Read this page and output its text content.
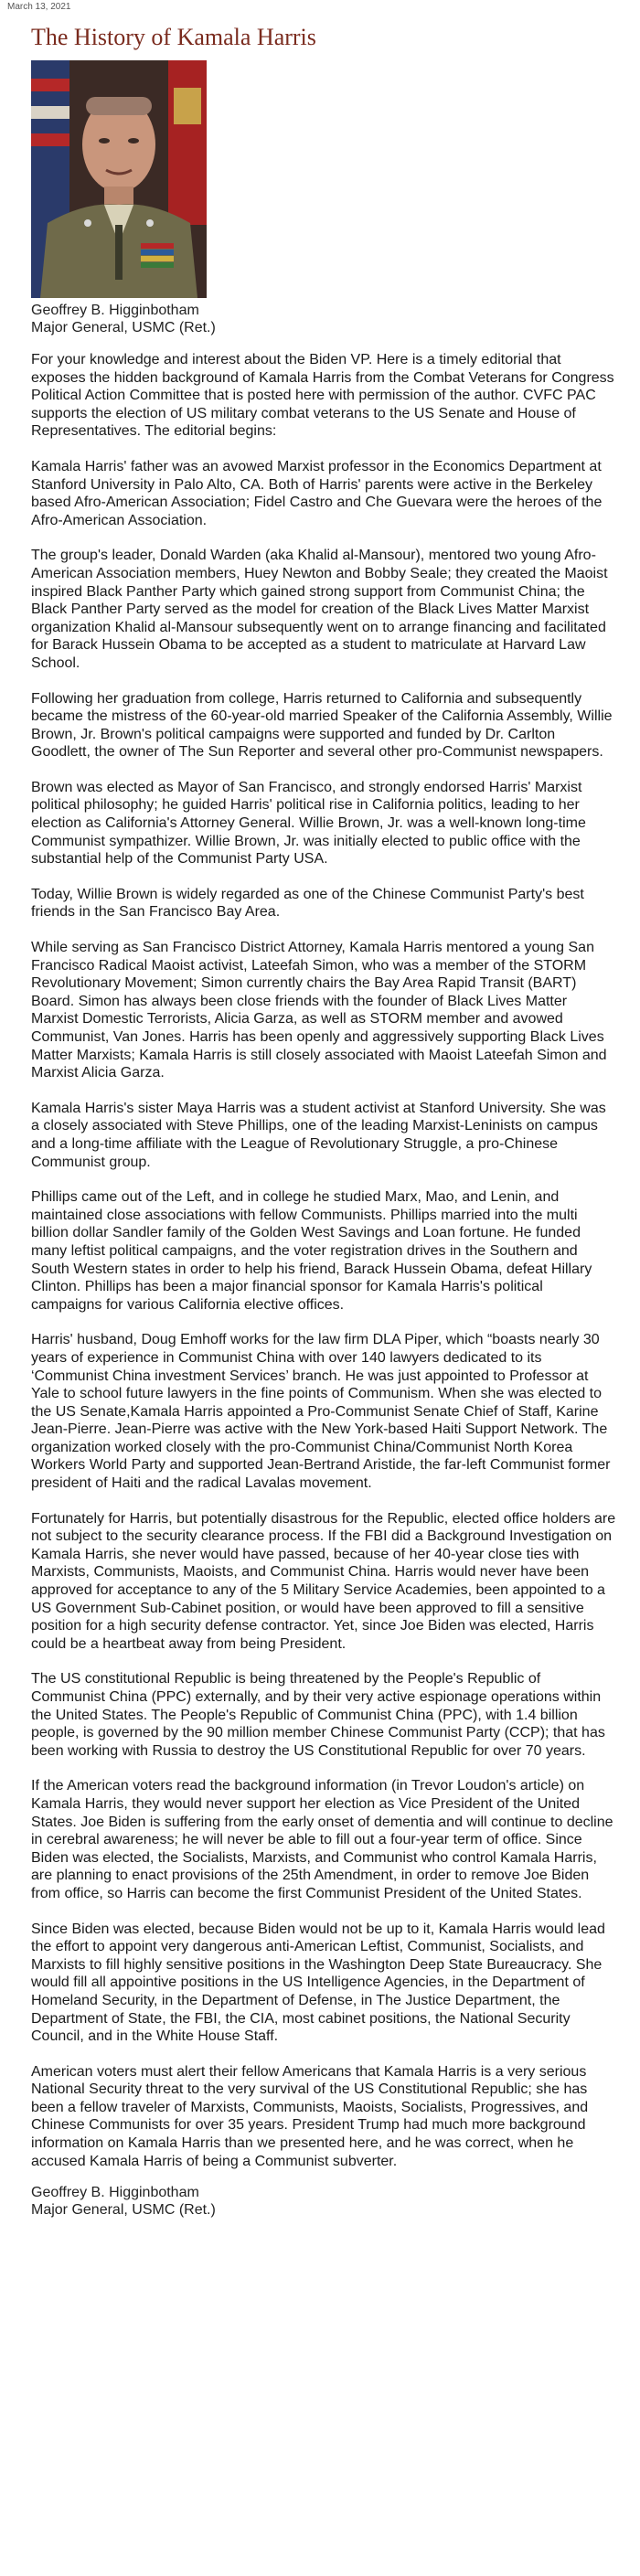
March 13, 2021
The History of Kamala Harris
Geoffrey B. Higginbotham
Major General, USMC (Ret.)

For your knowledge and interest about the Biden VP. Here is a timely editorial that exposes the hidden background of Kamala Harris from the Combat Veterans for Congress Political Action Committee that is posted here with permission of the author. CVFC PAC supports the election of US military combat veterans to the US Senate and House of Representatives. The editorial begins:

Kamala Harris' father was an avowed Marxist professor in the Economics Department at Stanford University in Palo Alto, CA. Both of Harris' parents were active in the Berkeley based Afro-American Association; Fidel Castro and Che Guevara were the heroes of the Afro-American Association.

The group's leader, Donald Warden (aka Khalid al-Mansour), mentored two young Afro-American Association members, Huey Newton and Bobby Seale; they created the Maoist inspired Black Panther Party which gained strong support from Communist China; the Black Panther Party served as the model for creation of the Black Lives Matter Marxist organization Khalid al-Mansour subsequently went on to arrange financing and facilitated for Barack Hussein Obama to be accepted as a student to matriculate at Harvard Law School.

Following her graduation from college, Harris returned to California and subsequently became the mistress of the 60-year-old married Speaker of the California Assembly, Willie Brown, Jr. Brown's political campaigns were supported and funded by Dr. Carlton Goodlett, the owner of The Sun Reporter and several other pro-Communist newspapers.

Brown was elected as Mayor of San Francisco, and strongly endorsed Harris' Marxist political philosophy; he guided Harris' political rise in California politics, leading to her election as California's Attorney General. Willie Brown, Jr. was a well-known long-time Communist sympathizer. Willie Brown, Jr. was initially elected to public office with the substantial help of the Communist Party USA.

Today, Willie Brown is widely regarded as one of the Chinese Communist Party's best friends in the San Francisco Bay Area.

While serving as San Francisco District Attorney, Kamala Harris mentored a young San Francisco Radical Maoist activist, Lateefah Simon, who was a member of the STORM Revolutionary Movement; Simon currently chairs the Bay Area Rapid Transit (BART) Board. Simon has always been close friends with the founder of Black Lives Matter Marxist Domestic Terrorists, Alicia Garza, as well as STORM member and avowed Communist, Van Jones. Harris has been openly and aggressively supporting Black Lives Matter Marxists; Kamala Harris is still closely associated with Maoist Lateefah Simon and Marxist Alicia Garza.

Kamala Harris's sister Maya Harris was a student activist at Stanford University. She was a closely associated with Steve Phillips, one of the leading Marxist-Leninists on campus and a long-time affiliate with the League of Revolutionary Struggle, a pro-Chinese Communist group.

Phillips came out of the Left, and in college he studied Marx, Mao, and Lenin, and maintained close associations with fellow Communists. Phillips married into the multi billion dollar Sandler family of the Golden West Savings and Loan fortune. He funded many leftist political campaigns, and the voter registration drives in the Southern and South Western states in order to help his friend, Barack Hussein Obama, defeat Hillary Clinton. Phillips has been a major financial sponsor for Kamala Harris's political campaigns for various California elective offices.

Harris' husband, Doug Emhoff works for the law firm DLA Piper, which “boasts nearly 30 years of experience in Communist China with over 140 lawyers dedicated to its ‘Communist China investment Services’ branch. He was just appointed to Professor at Yale to school future lawyers in the fine points of Communism. When she was elected to the US Senate,Kamala Harris appointed a Pro-Communist Senate Chief of Staff, Karine Jean-Pierre. Jean-Pierre was active with the New York-based Haiti Support Network. The organization worked closely with the pro-Communist China/Communist North Korea Workers World Party and supported Jean-Bertrand Aristide, the far-left Communist former president of Haiti and the radical Lavalas movement.

Fortunately for Harris, but potentially disastrous for the Republic, elected office holders are not subject to the security clearance process. If the FBI did a Background Investigation on Kamala Harris, she never would have passed, because of her 40-year close ties with Marxists, Communists, Maoists, and Communist China. Harris would never have been approved for acceptance to any of the 5 Military Service Academies, been appointed to a US Government Sub-Cabinet position, or would have been approved to fill a sensitive position for a high security defense contractor. Yet, since Joe Biden was elected, Harris could be a heartbeat away from being President.

The US constitutional Republic is being threatened by the People's Republic of Communist China (PPC) externally, and by their very active espionage operations within the United States. The People's Republic of Communist China (PPC), with 1.4 billion people, is governed by the 90 million member Chinese Communist Party (CCP); that has been working with Russia to destroy the US Constitutional Republic for over 70 years.

If the American voters read the background information (in Trevor Loudon's article) on Kamala Harris, they would never support her election as Vice President of the United States. Joe Biden is suffering from the early onset of dementia and will continue to decline in cerebral awareness; he will never be able to fill out a four-year term of office. Since Biden was elected, the Socialists, Marxists, and Communist who control Kamala Harris, are planning to enact provisions of the 25th Amendment, in order to remove Joe Biden from office, so Harris can become the first Communist President of the United States.

Since Biden was elected, because Biden would not be up to it, Kamala Harris would lead the effort to appoint very dangerous anti-American Leftist, Communist, Socialists, and Marxists to fill highly sensitive positions in the Washington Deep State Bureaucracy. She would fill all appointive positions in the US Intelligence Agencies, in the Department of Homeland Security, in the Department of Defense, in The Justice Department, the Department of State, the FBI, the CIA, most cabinet positions, the National Security Council, and in the White House Staff.

American voters must alert their fellow Americans that Kamala Harris is a very serious National Security threat to the very survival of the US Constitutional Republic; she has been a fellow traveler of Marxists, Communists, Maoists, Socialists, Progressives, and Chinese Communists for over 35 years. President Trump had much more background information on Kamala Harris than we presented here, and he was correct, when he accused Kamala Harris of being a Communist subverter.

Geoffrey B. Higginbotham
Major General, USMC (Ret.)
